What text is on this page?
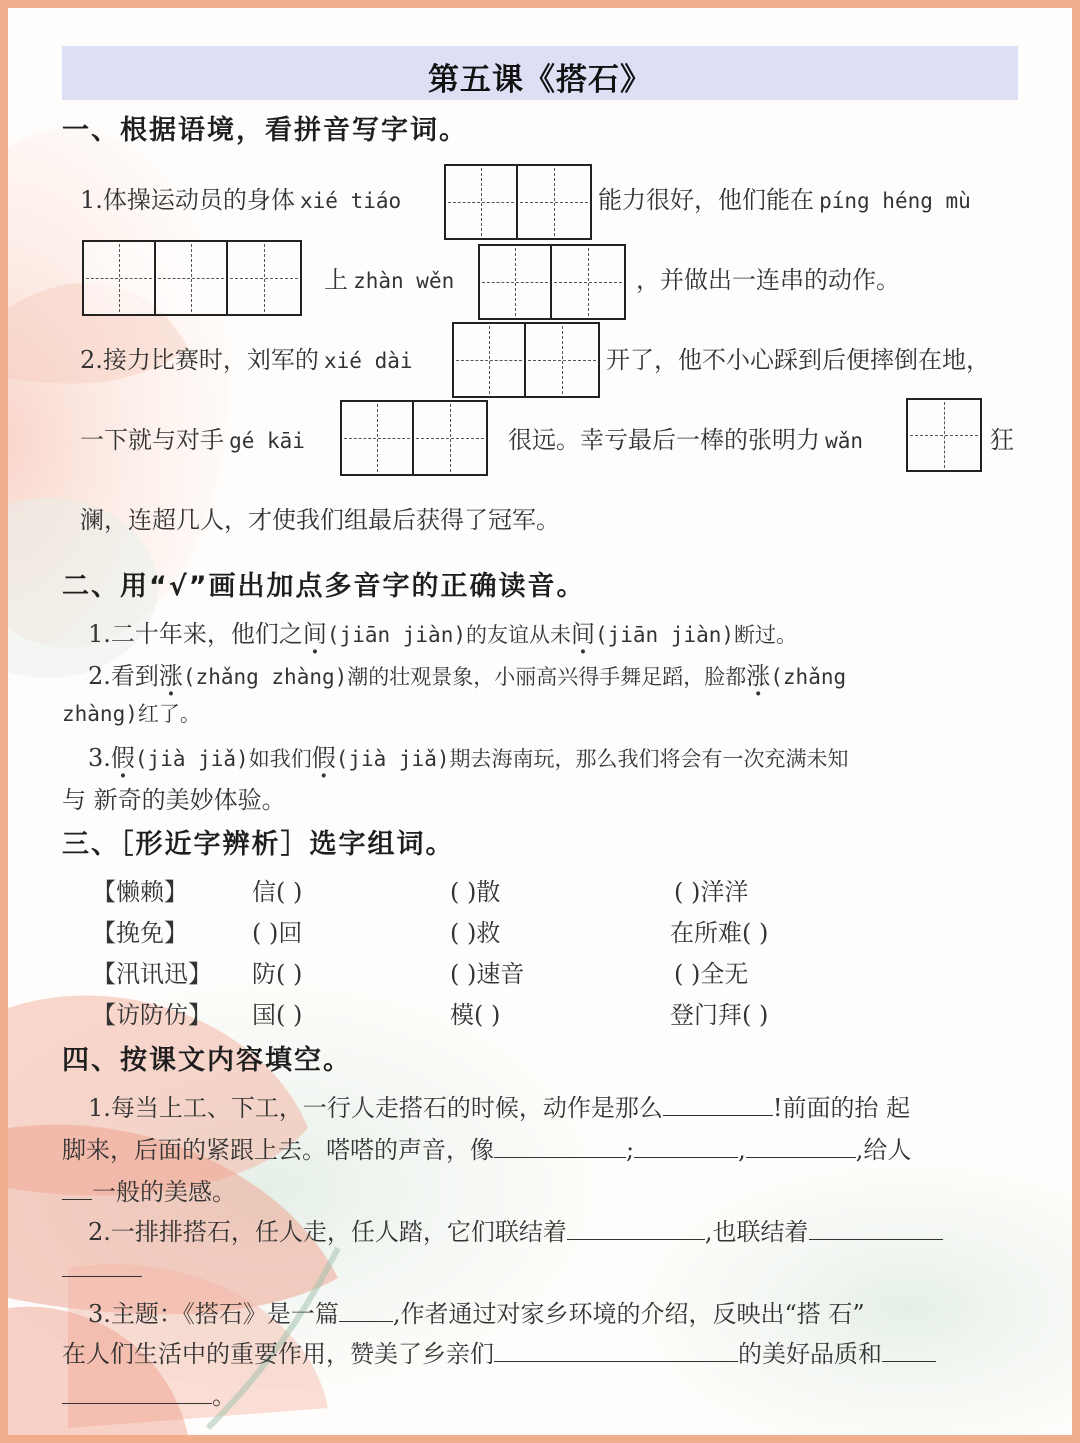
第五课《搭石》
一、根据语境，看拼音写字词。
1.体操运动员的身体 xié tiáo	能力很好，他们能在 píng héng mù
上 zhàn wěn	，并做出一连串的动作。
2.接力比赛时，刘军的 xié dài	开了，他不小心踩到后便摔倒在地，
一下就与对手 gé kāi	很远。幸亏最后一棒的张明力 wǎn	狂
澜，连超几人，才使我们组最后获得了冠军。
二、用“√”画出加点多音字的正确读音。
1.二十年来，他们之间(jiān jiàn)的友谊从未间(jiān jiàn)断过。
2.看到涨(zhǎng zhàng)潮的壮观景象，小丽高兴得手舞足蹈，脸都涨(zhǎng
zhàng)红了。
3.假(jià jiǎ)如我们假(jià jiǎ)期去海南玩，那么我们将会有一次充满未知
与 新奇的美妙体验。
三、［形近字辨析］选字组词。
【懒赖】	信( )	( )散	( )洋洋
【挽免】	( )回	( )救	在所难( )
【汛讯迅】 防( )	( )速音	( )全无
【访防仿】 国( )	模( )	登门拜( )
四、按课文内容填空。
1.每当上工、下工，一行人走搭石的时候，动作是那么	!前面的抬 起
脚来，后面的紧跟上去。嗒嗒的声音，像	;	,	,给人
一般的美感。
2.一排排搭石，任人走，任人踏，它们联结着	,也联结着
3.主题：《搭石》是一篇 ,作者通过对家乡环境的介绍，反映出“搭 石”
在人们生活中的重要作用，赞美了乡亲们	的美好品质和
。
